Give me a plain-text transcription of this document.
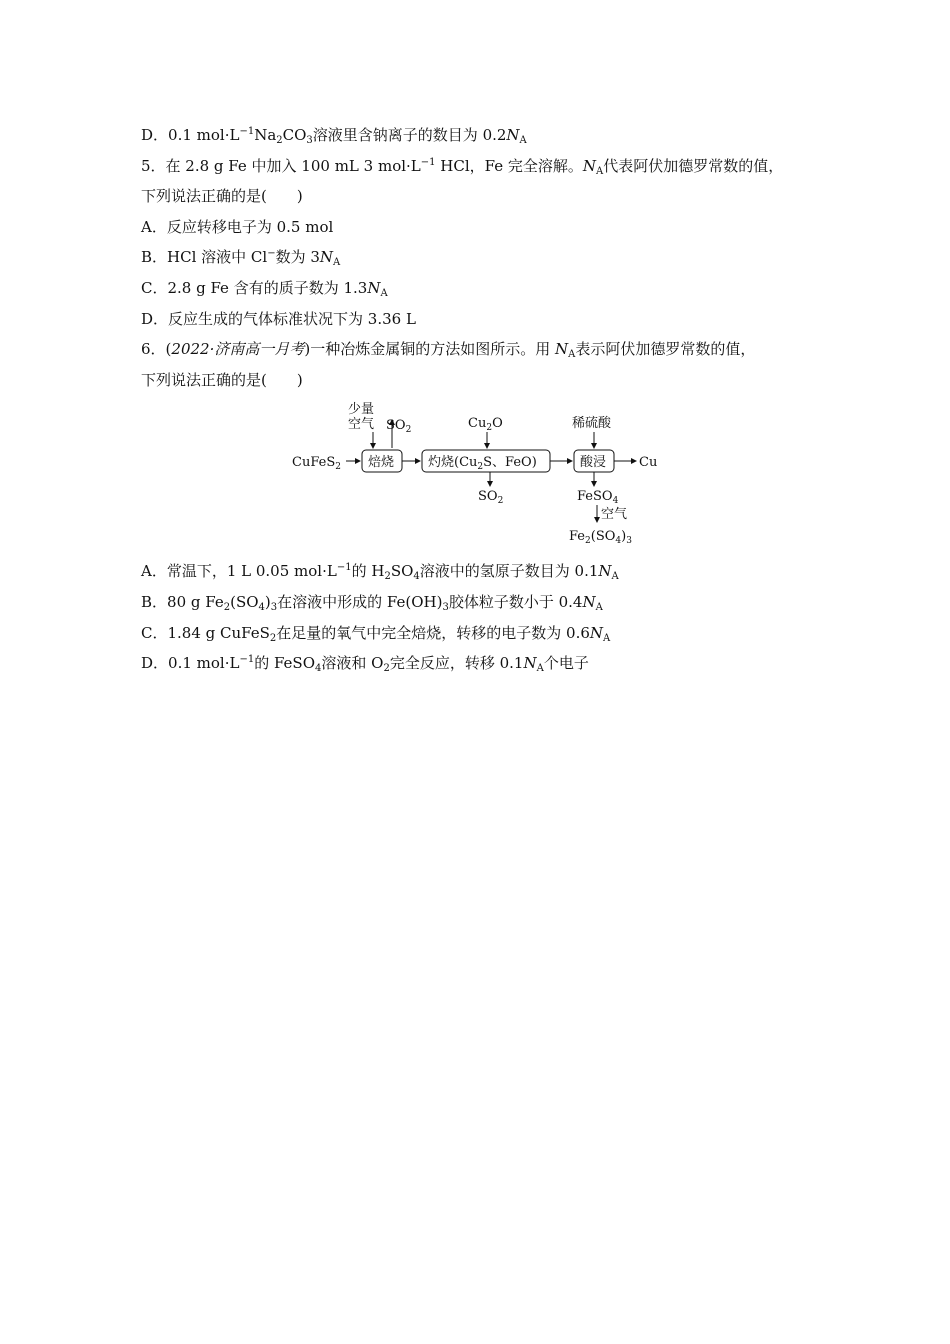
D．0.1 $mol\cdot L^{-1}Na_2CO_3$溶液里含钠离子的数目为 $0.2N_A$
5．在 2.8 g Fe 中加入 100 mL 3 $mol\cdot L^{-1}$ HCl，Fe 完全溶解。$N_A$代表阿伏加德罗常数的值，
下列说法正确的是(　　)
A．反应转移电子为 0.5 mol
B．HCl 溶液中 Cl−数为 $3N_A$
C．2.8 g Fe 含有的质子数为 $1.3N_A$
D．反应生成的气体标准状况下为 3.36 L
6．(2022·济南高一月考)一种冶炼金属铜的方法如图所示。用 $N_A$表示阿伏加德罗常数的值，
下列说法正确的是(　　)
CuFeS$_2$ 焙烧
少量
空气 $SO_2$
灼烧($Cu_2S$、FeO)
$Cu_2O$
$SO_2$
酸浸
稀硫酸
Cu
FeSO$_4$
空气
$Fe_2(SO_4)_3$
A．常温下，1 L 0.05 $mol\cdot L^{-1}$的 $H_2SO_4$溶液中的氢原子数目为 $0.1N_A$
B．80 g $Fe_2(SO_4)_3$在溶液中形成的 $Fe(OH)_3$胶体粒子数小于 $0.4N_A$
C．1.84 g CuFeS$_2$在足量的氧气中完全焙烧，转移的电子数为 $0.6N_A$
D．0.1 $mol\cdot L^{-1}$的 FeSO$_4$溶液和 $O_2$完全反应，转移 $0.1N_A$个电子
